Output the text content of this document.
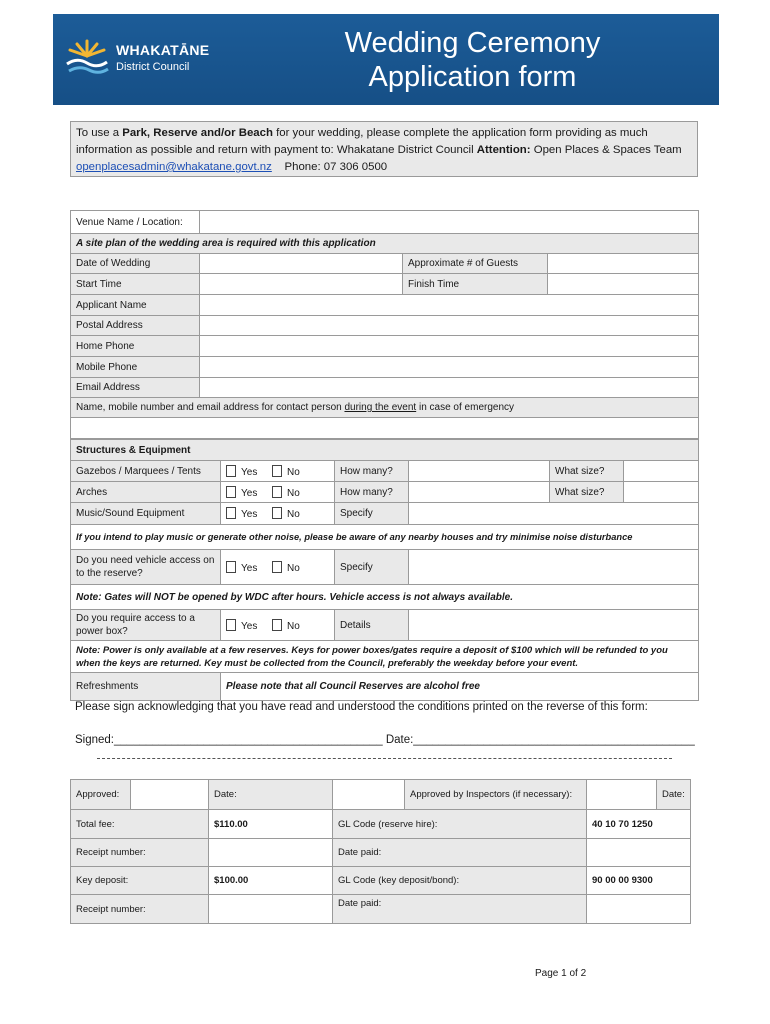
WHAKATĀNE
District Council
Wedding Ceremony
Application form
To use a Park, Reserve and/or Beach for your wedding, please complete the application form providing as much information as possible and return with payment to: Whakatane District Council Attention: Open Places & Spaces Team openplacesadmin@whakatane.govt.nz Phone: 07 306 0500
Venue Name / Location:			
A site plan of the wedding area is required with this application			
Date of Wedding		Approximate # of Guests	
Start Time		Finish Time	
Applicant Name			
Postal Address			
Home Phone			
Mobile Phone			
Email Address			
Name, mobile number and email address for contact person during the event in case of emergency			

Structures & Equipment					
Gazebos / Marquees / Tents	Yes No	How many?		What size?	
Arches	Yes No	How many?		What size?	
Music/Sound Equipment	Yes No	Specify			
If you intend to play music or generate other noise, please be aware of any nearby houses and try minimise noise disturbance					
Do you need vehicle access on to the reserve?	Yes No	Specify			
Note: Gates will NOT be opened by WDC after hours. Vehicle access is not always available.					
Do you require access to a power box?	Yes No	Details			
Note: Power is only available at a few reserves. Keys for power boxes/gates require a deposit of $100 which will be refunded to you when the keys are returned. Key must be collected from the Council, preferably the weekday before your event.					
Refreshments	Please note that all Council Reserves are alcohol free				
Please sign acknowledging that you have read and understood the conditions printed on the reverse of this form:
Signed:__________________________________________ Date:____________________________________________
Approved:		Date:		Approved by Inspectors (if necessary):		Date:
Total fee:		$110.00	GL Code (reserve hire):		40 10 70 1250	
Receipt number:			Date paid:			
Key deposit:		$100.00	GL Code (key deposit/bond):		90 00 00 9300	
Receipt number:			Date paid:			
Page 1 of 2
